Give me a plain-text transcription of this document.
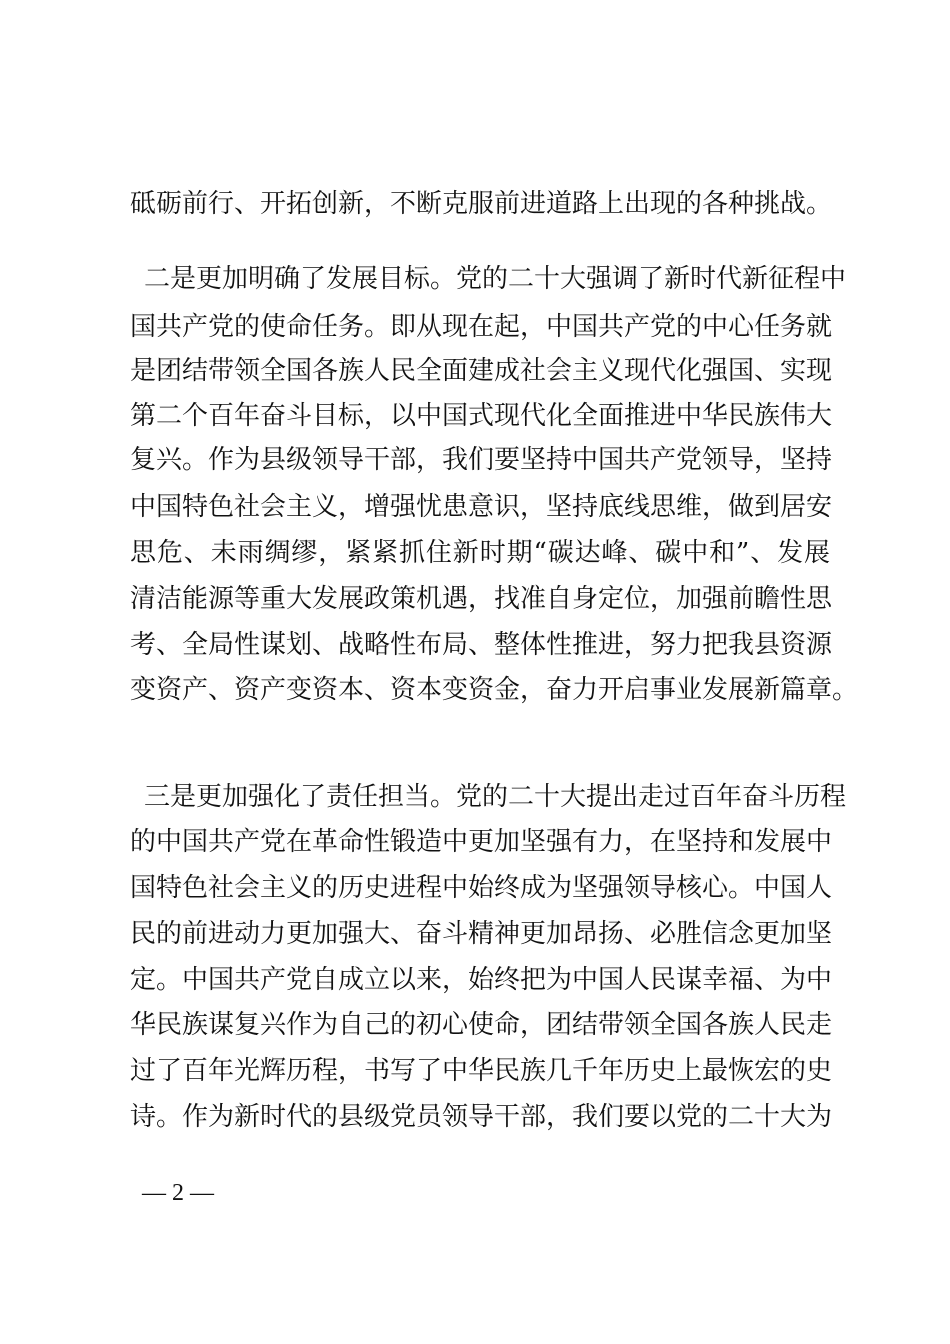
砥砺前行、开拓创新，不断克服前进道路上出现的各种挑战。
二是更加明确了发展目标。党的二十大强调了新时代新征程中
国共产党的使命任务。即从现在起，中国共产党的中心任务就
是团结带领全国各族人民全面建成社会主义现代化强国、实现
第二个百年奋斗目标，以中国式现代化全面推进中华民族伟大
复兴。作为县级领导干部，我们要坚持中国共产党领导，坚持
中国特色社会主义，增强忧患意识，坚持底线思维，做到居安
思危、未雨绸缪，紧紧抓住新时期“碳达峰、碳中和”、发展
清洁能源等重大发展政策机遇，找准自身定位，加强前瞻性思
考、全局性谋划、战略性布局、整体性推进，努力把我县资源
变资产、资产变资本、资本变资金，奋力开启事业发展新篇章。
三是更加强化了责任担当。党的二十大提出走过百年奋斗历程
的中国共产党在革命性锻造中更加坚强有力，在坚持和发展中
国特色社会主义的历史进程中始终成为坚强领导核心。中国人
民的前进动力更加强大、奋斗精神更加昂扬、必胜信念更加坚
定。中国共产党自成立以来，始终把为中国人民谋幸福、为中
华民族谋复兴作为自己的初心使命，团结带领全国各族人民走
过了百年光辉历程，书写了中华民族几千年历史上最恢宏的史
诗。作为新时代的县级党员领导干部，我们要以党的二十大为
— 2 —
